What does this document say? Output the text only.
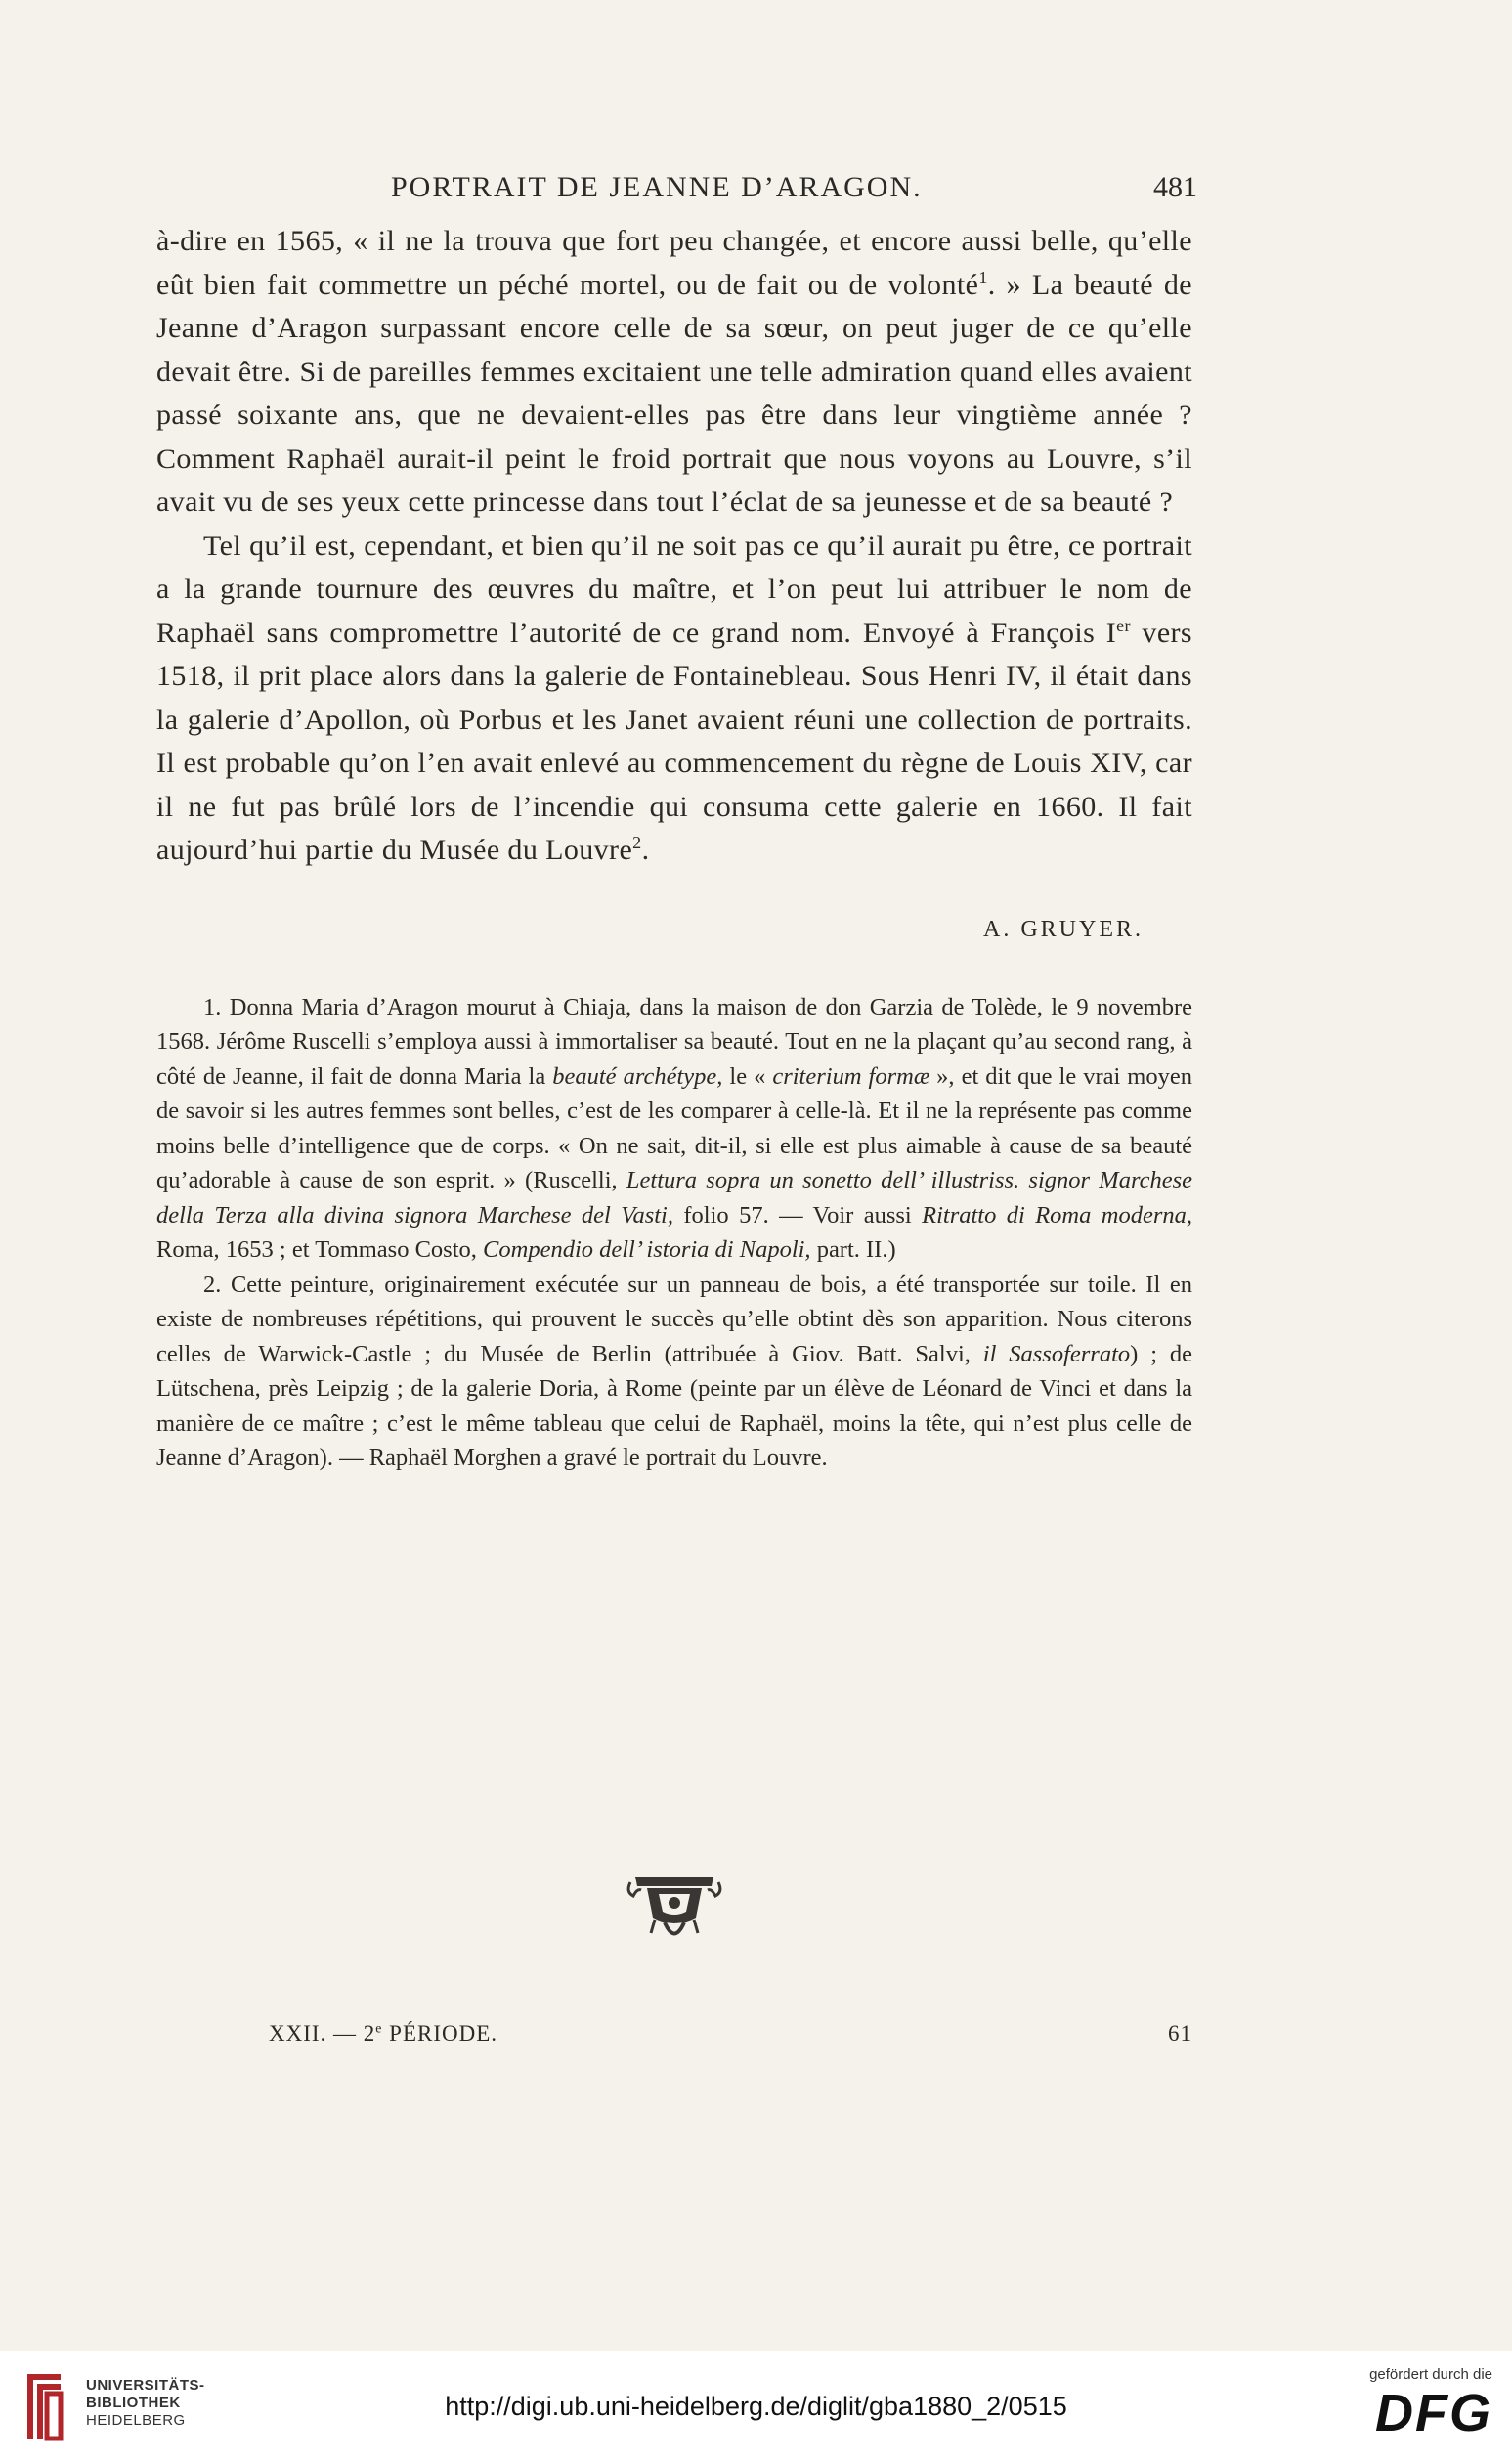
PORTRAIT DE JEANNE D’ARAGON.	481

à-dire en 1565, « il ne la trouva que fort peu changée, et encore aussi belle, qu’elle eût bien fait commettre un péché mortel, ou de fait ou de volonté$^1$. » La beauté de Jeanne d’Aragon surpassant encore celle de sa sœur, on peut juger de ce qu’elle devait être. Si de pareilles femmes excitaient une telle admiration quand elles avaient passé soixante ans, que ne devaient-elles pas être dans leur vingtième année ? Comment Raphaël aurait-il peint le froid portrait que nous voyons au Louvre, s’il avait vu de ses yeux cette princesse dans tout l’éclat de sa jeunesse et de sa beauté ?

Tel qu’il est, cependant, et bien qu’il ne soit pas ce qu’il aurait pu être, ce portrait a la grande tournure des œuvres du maître, et l’on peut lui attribuer le nom de Raphaël sans compromettre l’autorité de ce grand nom. Envoyé à François Ier vers 1518, il prit place alors dans la galerie de Fontainebleau. Sous Henri IV, il était dans la galerie d’Apollon, où Porbus et les Janet avaient réuni une collection de portraits. Il est probable qu’on l’en avait enlevé au commencement du règne de Louis XIV, car il ne fut pas brûlé lors de l’incendie qui consuma cette galerie en 1660. Il fait aujourd’hui partie du Musée du Louvre$^2$.

A. GRUYER.

1. Donna Maria d’Aragon mourut à Chiaja, dans la maison de don Garzia de Tolède, le 9 novembre 1568. Jérôme Ruscelli s’employa aussi à immortaliser sa beauté. Tout en ne la plaçant qu’au second rang, à côté de Jeanne, il fait de donna Maria la beauté archétype, le « criterium formæ », et dit que le vrai moyen de savoir si les autres femmes sont belles, c’est de les comparer à celle-là. Et il ne la représente pas comme moins belle d’intelligence que de corps. « On ne sait, dit-il, si elle est plus aimable à cause de sa beauté qu’adorable à cause de son esprit. » (Ruscelli, Lettura sopra un sonetto dell’ illustriss. signor Marchese della Terza alla divina signora Marchese del Vasti, folio 57. — Voir aussi Ritratto di Roma moderna, Roma, 1653 ; et Tommaso Costo, Compendio dell’ istoria di Napoli, part. II.)

2. Cette peinture, originairement exécutée sur un panneau de bois, a été transportée sur toile. Il en existe de nombreuses répétitions, qui prouvent le succès qu’elle obtint dès son apparition. Nous citerons celles de Warwick-Castle ; du Musée de Berlin (attribuée à Giov. Batt. Salvi, il Sassoferrato) ; de Lütschena, près Leipzig ; de la galerie Doria, à Rome (peinte par un élève de Léonard de Vinci et dans la manière de ce maître ; c’est le même tableau que celui de Raphaël, moins la tête, qui n’est plus celle de Jeanne d’Aragon). — Raphaël Morghen a gravé le portrait du Louvre.

XXII. — 2e PÉRIODE.	61
UNIVERSITÄTS-
BIBLIOTHEK
HEIDELBERG	http://digi.ub.uni-heidelberg.de/diglit/gba1880_2/0515
gefördert durch die
DFG
